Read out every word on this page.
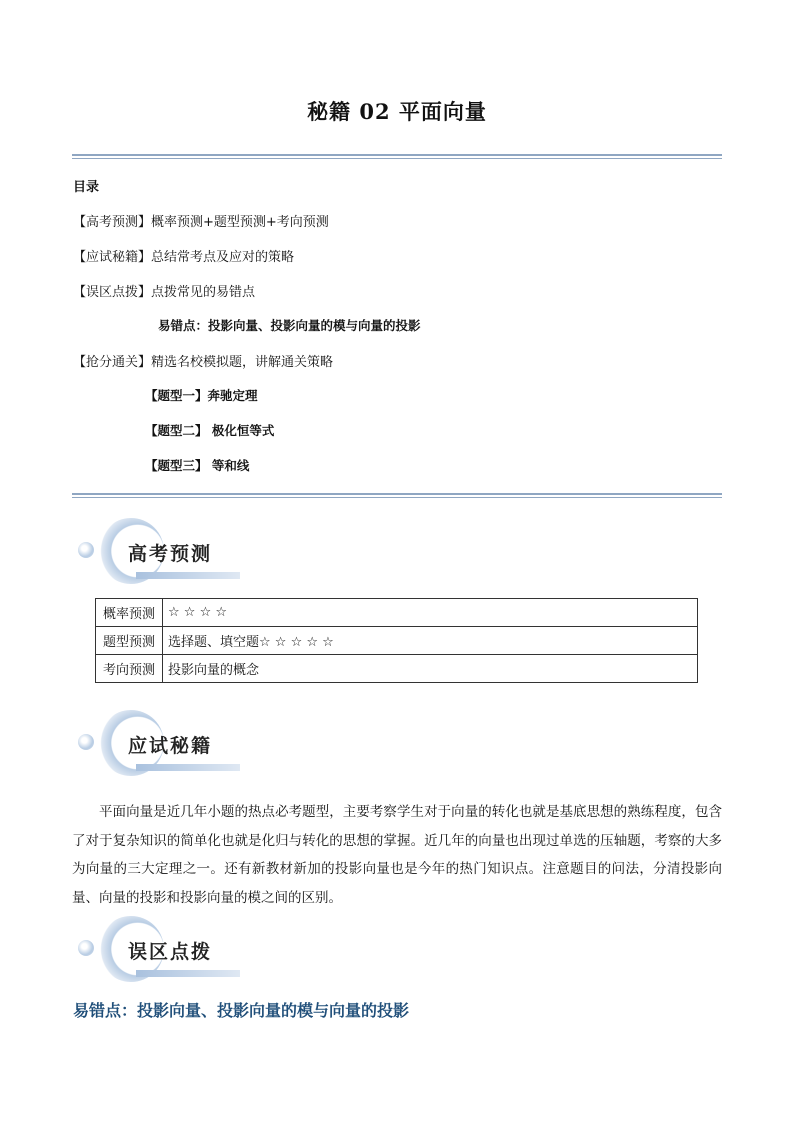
秘籍 02 平面向量
目录
【高考预测】概率预测+题型预测+考向预测
【应试秘籍】总结常考点及应对的策略
【误区点拨】点拨常见的易错点
易错点：投影向量、投影向量的模与向量的投影
【抢分通关】精选名校模拟题，讲解通关策略
【题型一】奔驰定理
【题型二】 极化恒等式
【题型三】 等和线
高考预测
概率预测	☆ ☆ ☆ ☆
题型预测	选择题、填空题☆ ☆ ☆ ☆ ☆
考向预测	投影向量的概念
应试秘籍
平面向量是近几年小题的热点必考题型，主要考察学生对于向量的转化也就是基底思想的熟练程度，包含了对于复杂知识的简单化也就是化归与转化的思想的掌握。近几年的向量也出现过单选的压轴题，考察的大多为向量的三大定理之一。还有新教材新加的投影向量也是今年的热门知识点。注意题目的问法，分清投影向量、向量的投影和投影向量的模之间的区别。
误区点拨
易错点：投影向量、投影向量的模与向量的投影
